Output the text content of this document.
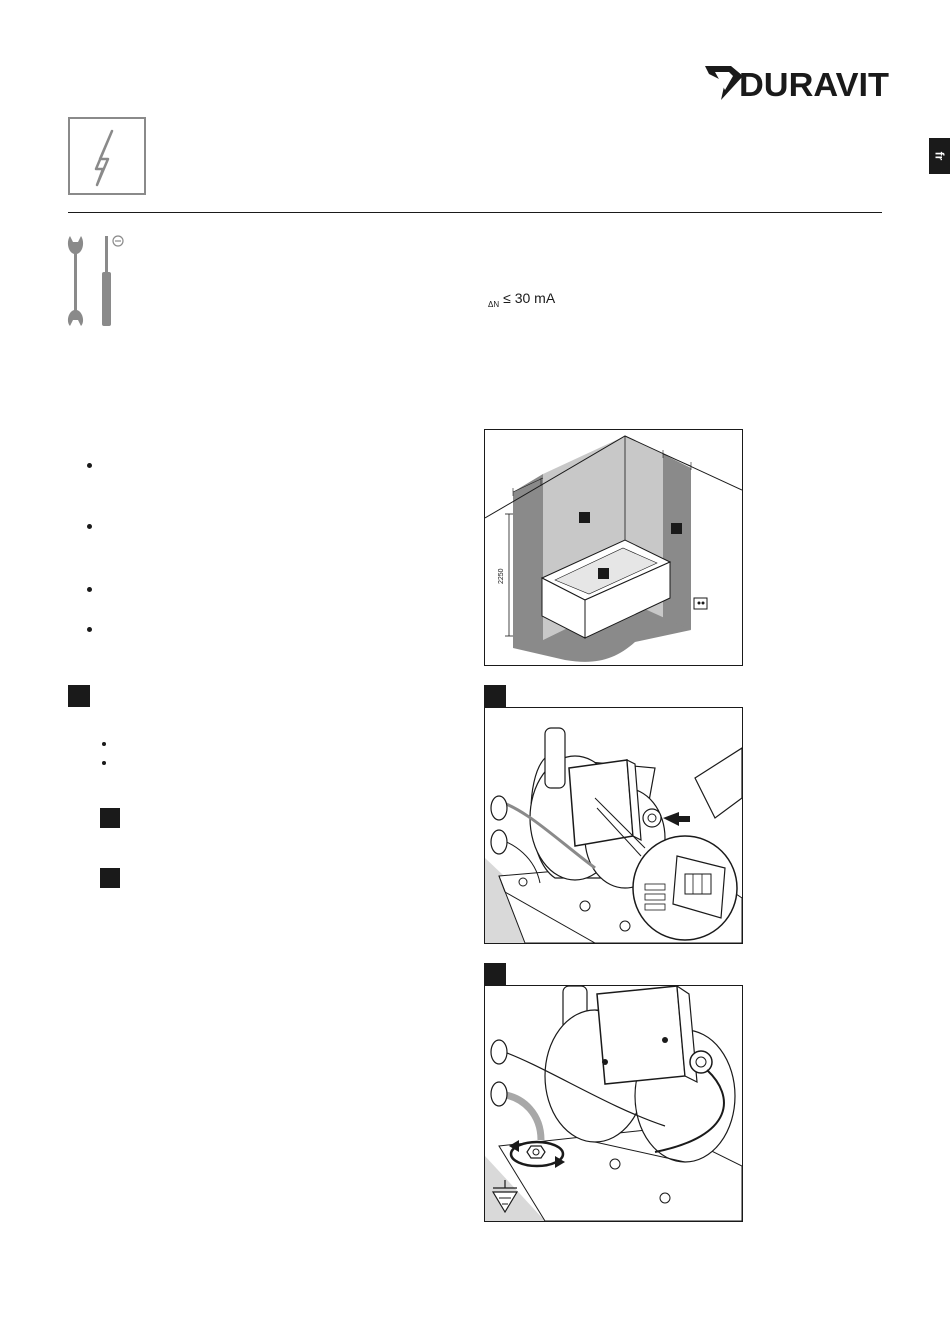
DURAVIT
fr
$_{\Delta N}$ ≤ 30 mA
2250
